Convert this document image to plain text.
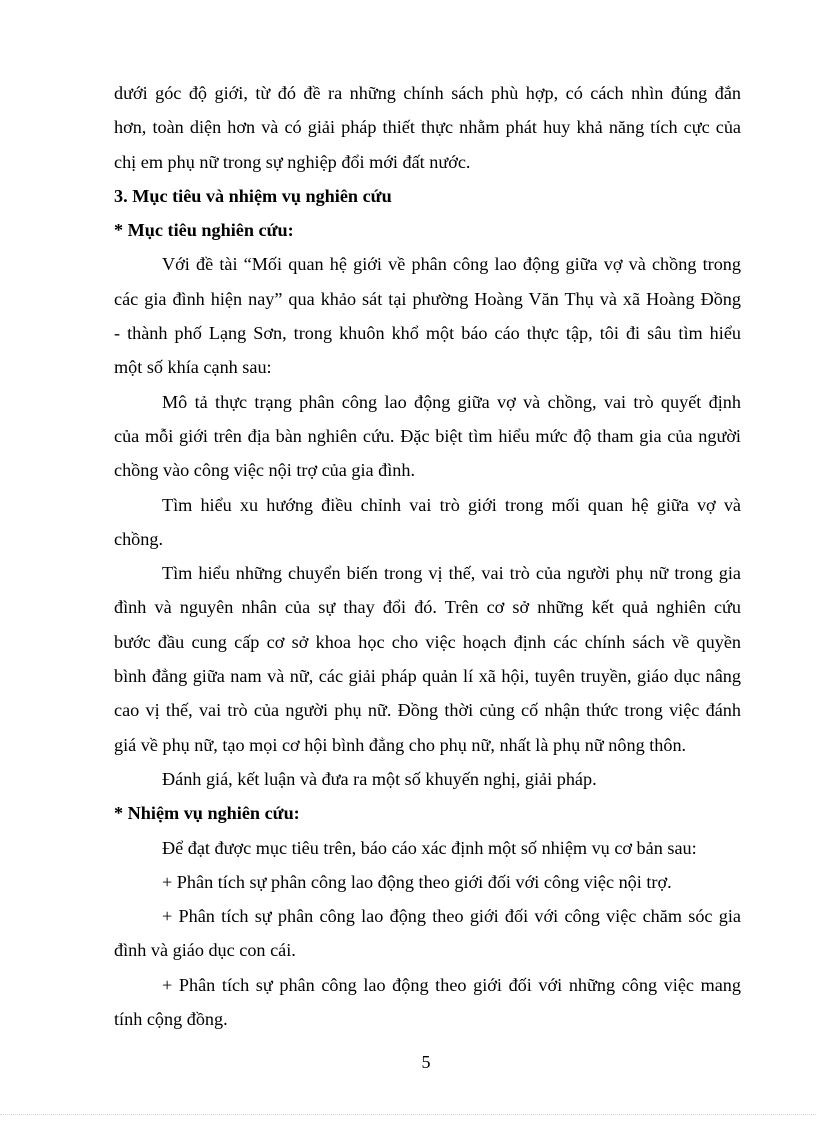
dưới góc độ giới, từ đó đề ra những chính sách phù hợp, có cách nhìn đúng đắn
hơn, toàn diện hơn và có giải pháp thiết thực nhằm phát huy khả năng tích cực của
chị em phụ nữ trong sự nghiệp đổi mới đất nước.
3. Mục tiêu và nhiệm vụ nghiên cứu
* Mục tiêu nghiên cứu:
Với đề tài “Mối quan hệ giới về phân công lao động giữa vợ và chồng trong
các gia đình hiện nay” qua khảo sát tại phường Hoàng Văn Thụ và xã Hoàng Đồng
- thành phố Lạng Sơn, trong khuôn khổ một báo cáo thực tập, tôi đi sâu tìm hiểu
một số khía cạnh sau:
Mô tả thực trạng phân công lao động giữa vợ và chồng, vai trò quyết định
của mỗi giới trên địa bàn nghiên cứu. Đặc biệt tìm hiểu mức độ tham gia của người
chồng vào công việc nội trợ của gia đình.
Tìm hiểu xu hướng điều chỉnh vai trò giới trong mối quan hệ giữa vợ và
chồng.
Tìm hiểu những chuyển biến trong vị thế, vai trò của người phụ nữ trong gia
đình và nguyên nhân của sự thay đổi đó. Trên cơ sở những kết quả nghiên cứu
bước đầu cung cấp cơ sở khoa học cho việc hoạch định các chính sách về quyền
bình đẳng giữa nam và nữ, các giải pháp quản lí xã hội, tuyên truyền, giáo dục nâng
cao vị thế, vai trò của người phụ nữ. Đồng thời củng cố nhận thức trong việc đánh
giá về phụ nữ, tạo mọi cơ hội bình đẳng cho phụ nữ, nhất là phụ nữ nông thôn.
Đánh giá, kết luận và đưa ra một số khuyến nghị, giải pháp.
* Nhiệm vụ nghiên cứu:
Để đạt được mục tiêu trên, báo cáo xác định một số nhiệm vụ cơ bản sau:
+ Phân tích sự phân công lao động theo giới đối với công việc nội trợ.
+ Phân tích sự phân công lao động theo giới đối với công việc chăm sóc gia
đình và giáo dục con cái.
+ Phân tích sự phân công lao động theo giới đối với những công việc mang
tính cộng đồng.
5
